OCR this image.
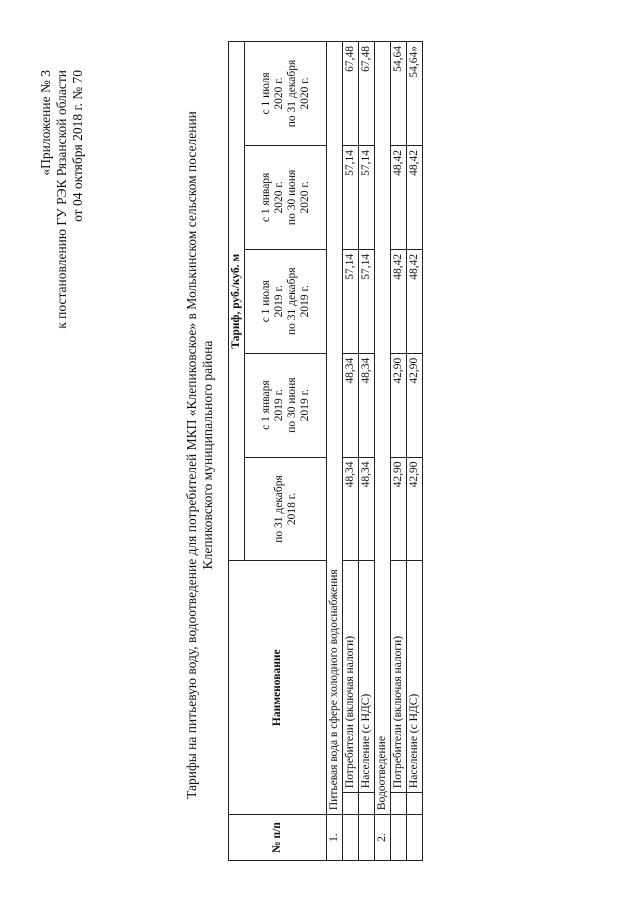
«Приложение № 3 к постановлению ГУ РЭК Рязанской области от 04 октября 2018 г. № 70	Тарифы на питьевую воду, водоотведение для потребителей МКП «Клепиковское» в Молькинском сельском поселении Клепиковского муниципального района
№ п/п	Наименование		Тариф, руб./куб. м				

			по 31 декабря 2018 г.	с 1 января 2019 г. по 30 июня 2019 г.	с 1 июля 2019 г. по 31 декабря 2019 г.	с 1 января 2020 г. по 30 июня 2020 г.	с 1 июля 2020 г. по 31 декабря 2020 г.

1.	Питьевая вода в сфере холодного водоснабжения						
		Потребители (включая налоги)	48,34	48,34	57,14	57,14	67,48
		Население (с НДС)	48,34	48,34	57,14	57,14	67,48
2.	Водоотведение						
		Потребители (включая налоги)	42,90	42,90	48,42	48,42	54,64
		Население (с НДС)	42,90	42,90	48,42	48,42	54,64»
